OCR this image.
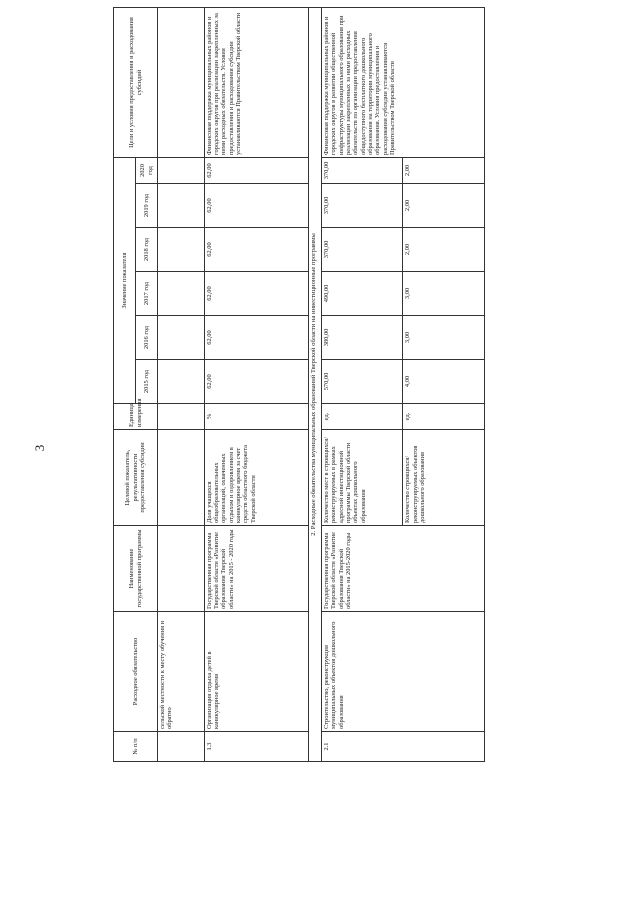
3
№ п/п	Расходное обязательство	Наименование государственной программы	Целевой показатель, результативности предоставления субсидии	Единица измерения	Значение показателя						Цели и условия предоставления и расходования субсидий
					2015 год	2016 год	2017 год	2018 год	2019 год	2020 год	
	сельской местности к месту обучения и обратно										
1.3	Организация отдыха детей в каникулярное время	Государственная программа Тверской области «Развитие образования Тверской области» на 2015 - 2020 годы	Доля учащихся общеобразовательных организаций, охваченных отдыхом и оздоровлением в каникулярное время за счет средств областного бюджета Тверской области	%	62,00	62,00	62,00	62,00	62,00	62,00	Финансовая поддержка муниципальных районов и городских округов при реализации закрепленных за ними расходных обязательств. Условия предоставления и расходования субсидии устанавливаются Правительством Тверской области
2. Расходные обязательства муниципальных образований Тверской области на инвестиционные программы											
2.1	Строительство, реконструкция муниципальных объектов дошкольного образования	Государственная программа Тверской области «Развитие образования Тверской области» на 2015-2020 годы	Количество мест в строящихся/реконструируемых в рамках адресной инвестиционной программы Тверской области объектах дошкольного образования	ед.	570,00	380,00	490,00	370,00	370,00	370,00	Финансовая поддержка муниципальных районов и городских округов в развитии общественной инфраструктуры муниципального образования при реализации закрепленных за ними расходных обязательств по организации предоставления общедоступного бесплатного дошкольного образования на территории муниципального образования. Условия предоставления и расходования субсидии устанавливаются Правительством Тверской области
			Количество строящихся/реконструируемых объектов дошкольного образования	ед.	4,00	3,00	3,00	2,00	2,00	2,00	
